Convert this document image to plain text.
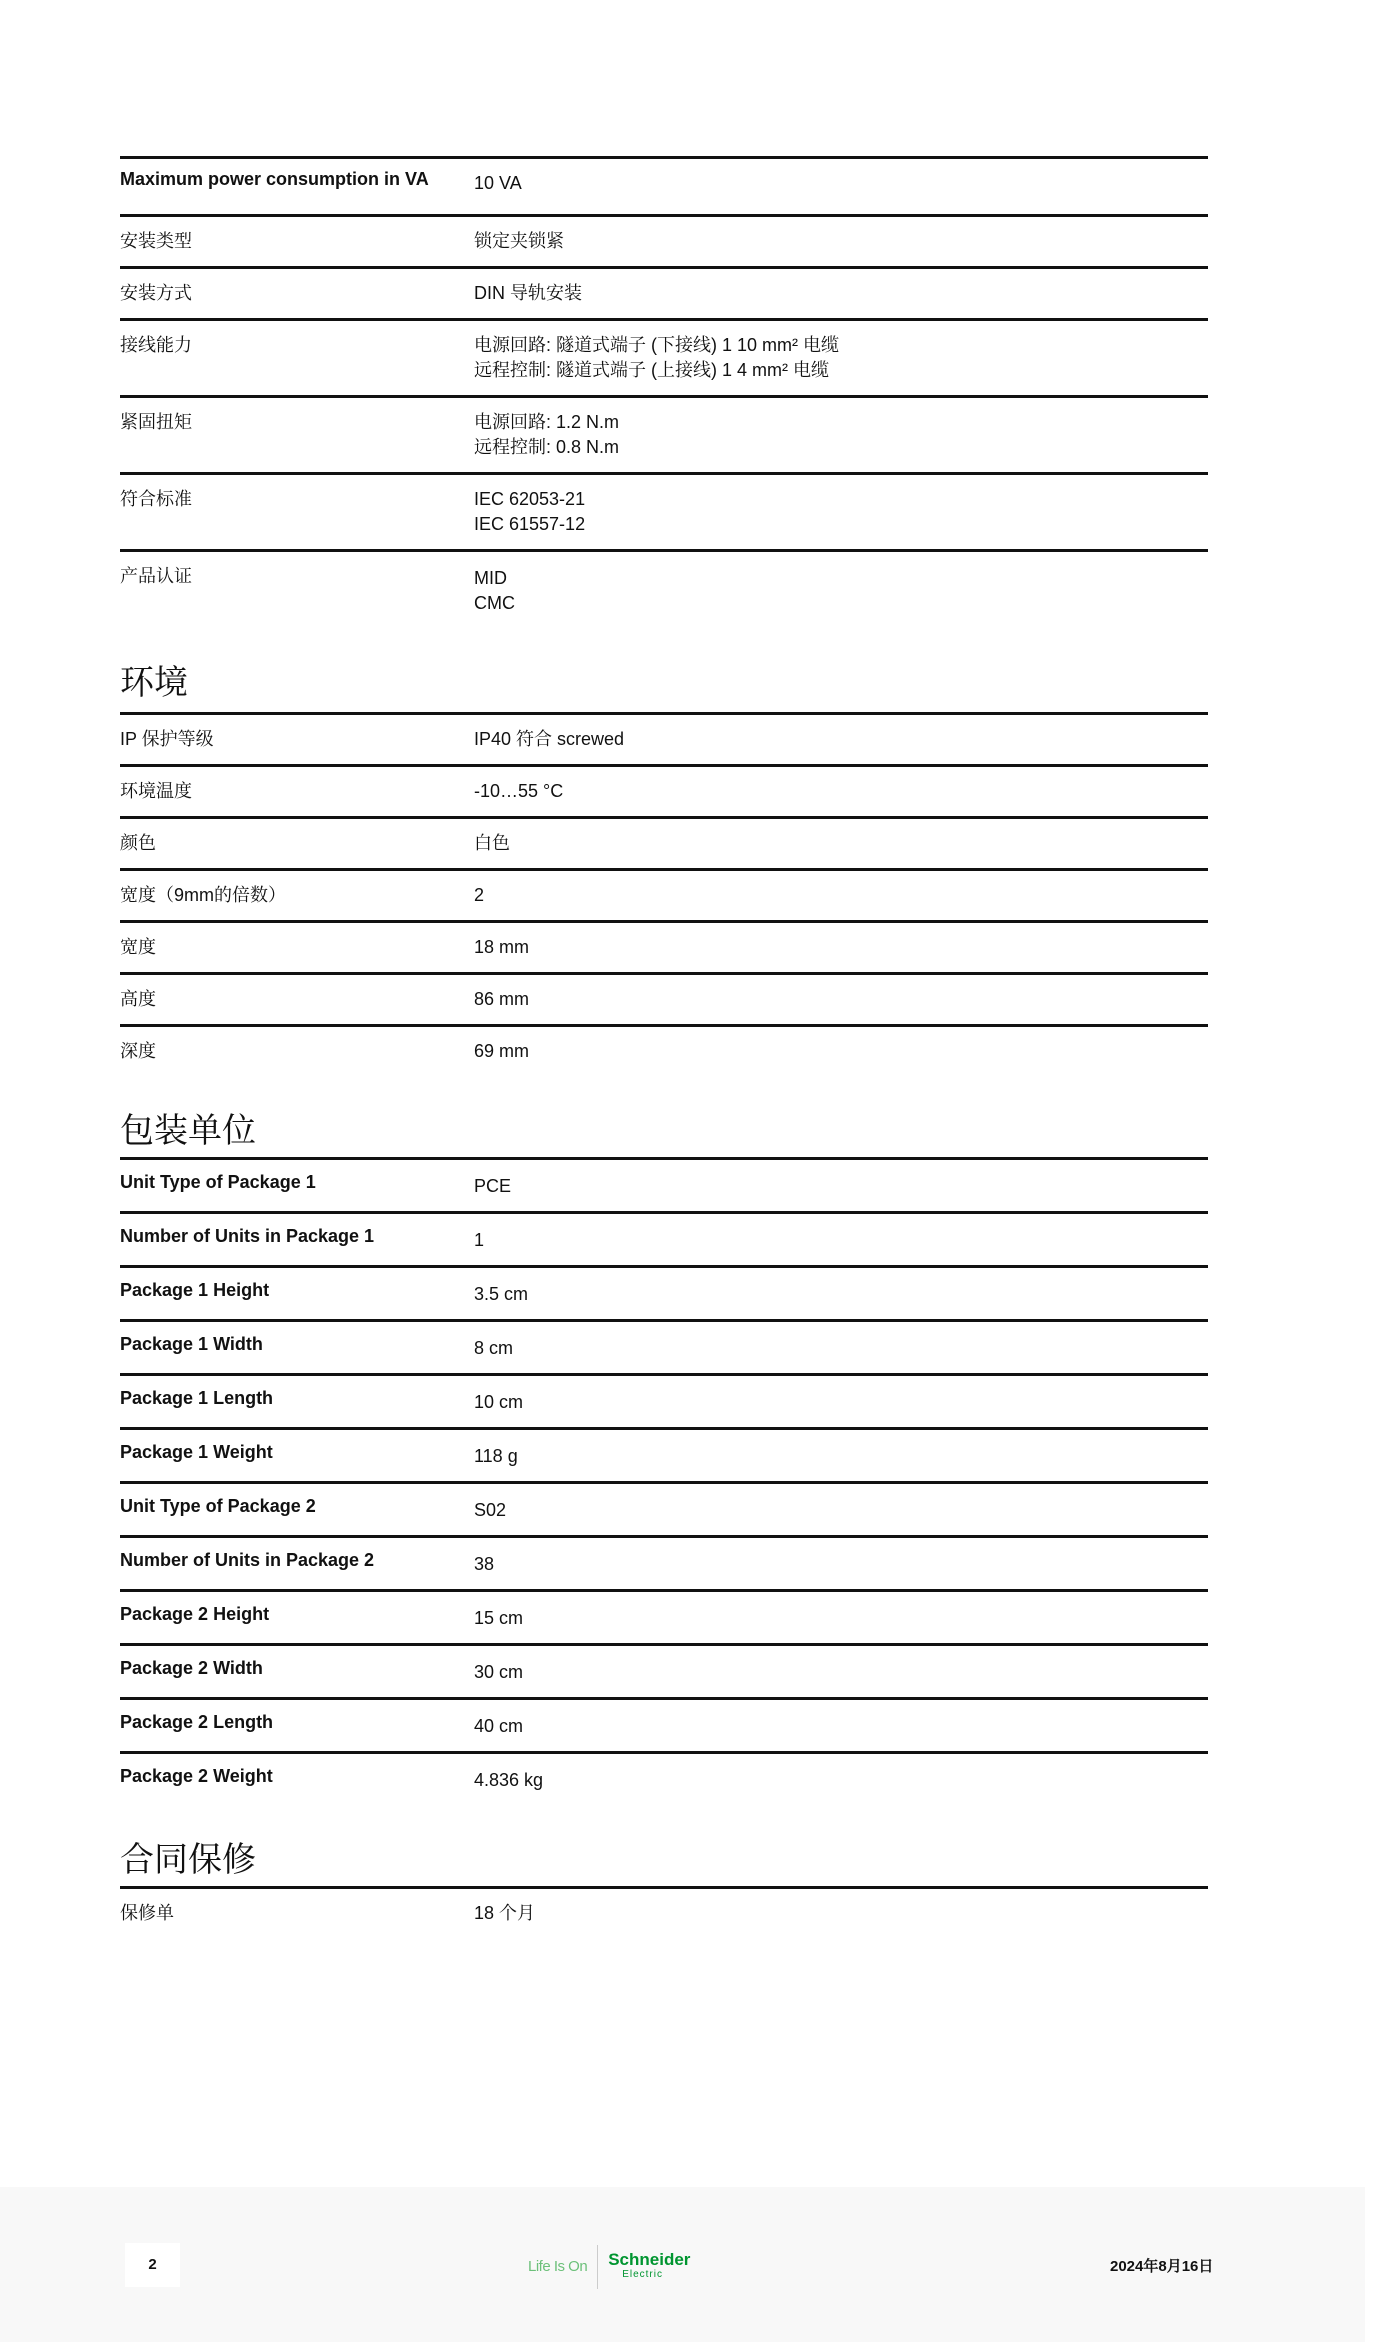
Maximum power consumption in VA	10 VA

安装类型	锁定夹锁紧

安装方式	DIN 导轨安装

接线能力	电源回路: 隧道式端子 (下接线) 1 10 mm² 电缆
远程控制: 隧道式端子 (上接线) 1 4 mm² 电缆

紧固扭矩	电源回路: 1.2 N.m
远程控制: 0.8 N.m

符合标准	IEC 62053-21
IEC 61557-12

产品认证	MID
CMC
环境
IP 保护等级	IP40 符合 screwed
环境温度	-10…55 °C
颜色	白色
宽度（9mm的倍数）	2
宽度	18 mm
高度	86 mm
深度	69 mm
包装单位
Unit Type of Package 1	PCE
Number of Units in Package 1	1
Package 1 Height	3.5 cm
Package 1 Width	8 cm
Package 1 Length	10 cm
Package 1 Weight	118 g
Unit Type of Package 2	S02
Number of Units in Package 2	38
Package 2 Height	15 cm
Package 2 Width	30 cm
Package 2 Length	40 cm
Package 2 Weight	4.836 kg
合同保修
保修单	18 个月
2	Life Is On	Schneider
Electric	2024年8月16日
